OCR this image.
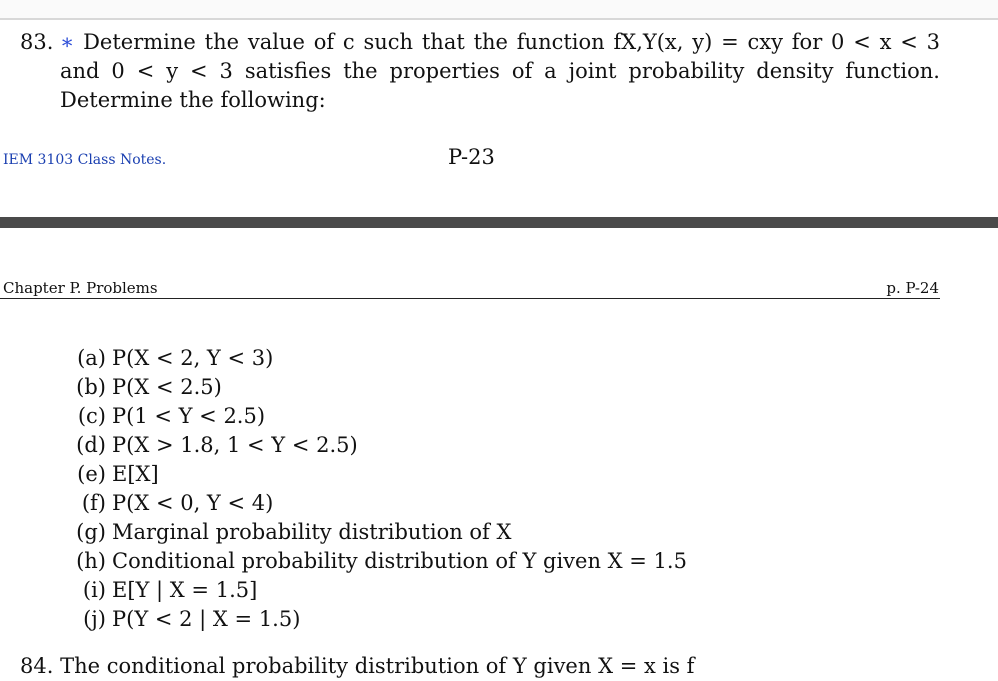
83. ∗ Determine the value of c such that the function fX,Y(x, y) = cxy for 0 < x < 3 and 0 < y < 3 satisfies the properties of a joint probability density function. Determine the following:
IEM 3103 Class Notes.	P-23
Chapter P. Problems	p. P-24
(a) P(X < 2, Y < 3)
(b) P(X < 2.5)
(c) P(1 < Y < 2.5)
(d) P(X > 1.8, 1 < Y < 2.5)
(e) E[X]
(f) P(X < 0, Y < 4)
(g) Marginal probability distribution of X
(h) Conditional probability distribution of Y given X = 1.5
(i) E[Y | X = 1.5]
(j) P(Y < 2 | X = 1.5)
84. The conditional probability distribution of Y given X = x is f
